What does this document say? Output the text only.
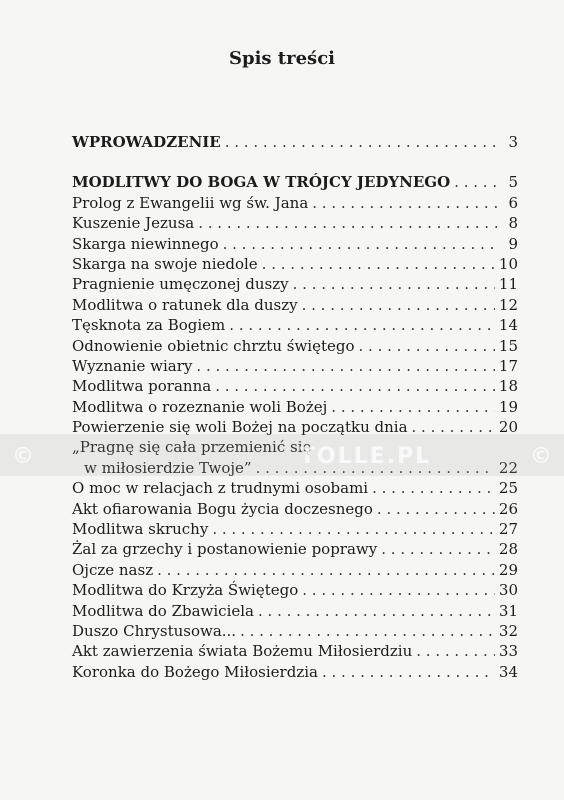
Spis treści
WPROWADZENIE . . .	3
MODLITWY DO BOGA W TRÓJCY JEDYNEGO . . .	5
Prolog z Ewangelii wg św. Jana . . .	6
Kuszenie Jezusa . . .	8
Skarga niewinnego . . .	9
Skarga na swoje niedole . . .	10
Pragnienie umęczonej duszy . . .	11
Modlitwa o ratunek dla duszy . . .	12
Tęsknota za Bogiem . . .	14
Odnowienie obietnic chrztu świętego . . .	15
Wyznanie wiary . . .	17
Modlitwa poranna . . .	18
Modlitwa o rozeznanie woli Bożej . . .	19
Powierzenie się woli Bożej na początku dnia . . .	20
„Pragnę się cała przemienić się
w miłosierdzie Twoje” . . .	22
O moc w relacjach z trudnymi osobami . . .	25
Akt ofiarowania Bogu życia doczesnego . . .	26
Modlitwa skruchy . . .	27
Żal za grzechy i postanowienie poprawy . . .	28
Ojcze nasz . . .	29
Modlitwa do Krzyża Świętego . . .	30
Modlitwa do Zbawiciela . . .	31
Duszo Chrystusowa... . . .	32
Akt zawierzenia świata Bożemu Miłosierdziu . . .	33
Koronka do Bożego Miłosierdzia . . .	34
©	TOLLE.PL	©
